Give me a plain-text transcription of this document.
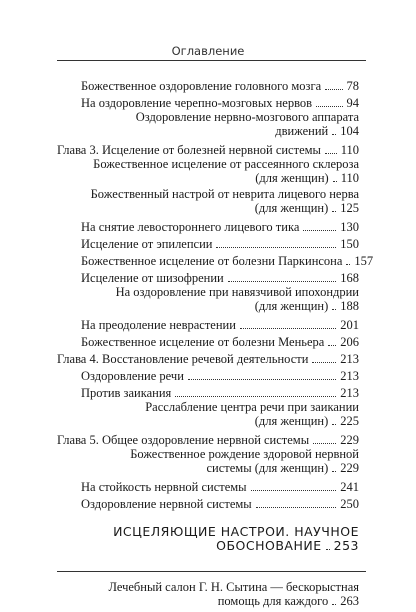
Оглавление
Божественное оздоровление головного мозга 78
На оздоровление черепно-мозговых нервов	94
Оздоровление нервно-мозгового аппарата
движений 104
Глава 3. Исцеление от болезней нервной системы 110
Божественное исцеление от рассеянного склероза
(для женщин) 110
Божественный настрой от неврита лицевого нерва
(для женщин) 125
На снятие левостороннего лицевого тика	130
Исцеление от эпилепсии	150
Божественное исцеление от болезни Паркинсона 157
Исцеление от шизофрении	168
На оздоровление при навязчивой ипохондрии
(для женщин) 188
На преодоление неврастении	201
Божественное исцеление от болезни Меньера 206
Глава 4. Восстановление речевой деятельности	213
Оздоровление речи	213
Против заикания	213
Расслабление центра речи при заикании
(для женщин) 225
Глава 5. Общее оздоровление нервной системы 229
Божественное рождение здоровой нервной
системы (для женщин) 229
На стойкость нервной системы	241
Оздоровление нервной системы	250
ИСЦЕЛЯЮЩИЕ НАСТРОИ. НАУЧНОЕ
ОБОСНОВАНИЕ 253
Лечебный салон Г. Н. Сытина — бескорыстная
помощь для каждого 263
